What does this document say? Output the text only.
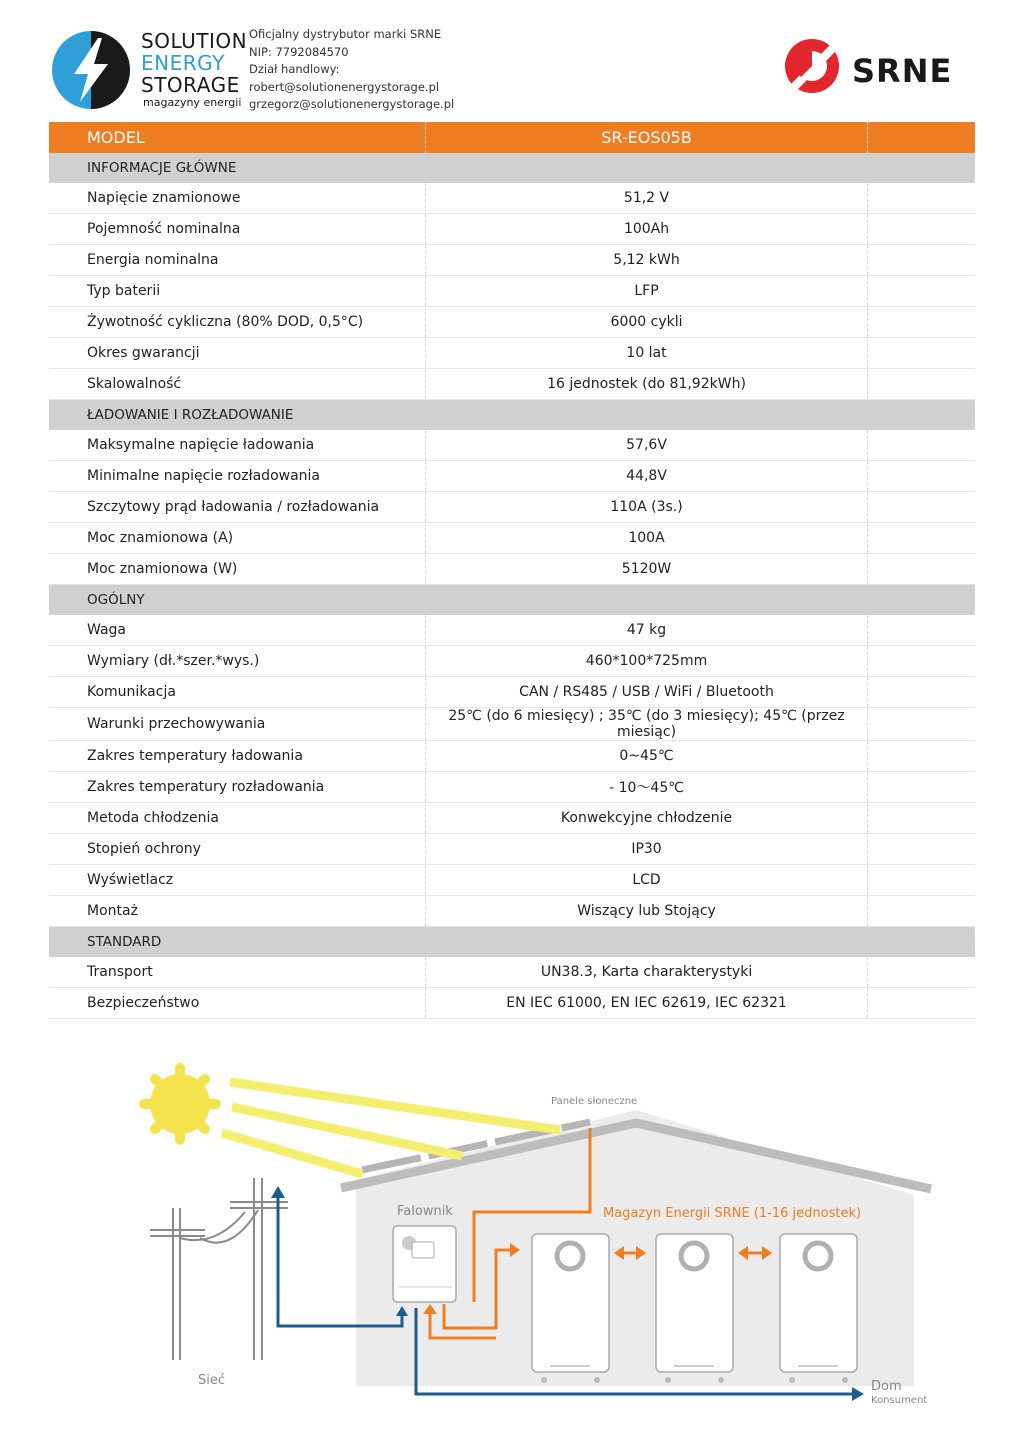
SOLUTION
ENERGY
STORAGE
magazyny energii
Oficjalny dystrybutor marki SRNE
NIP: 7792084570
Dział handlowy:
robert@solutionenergystorage.pl
grzegorz@solutionenergystorage.pl
SRNE
MODEL	SR-EOS05B	
INFORMACJE GŁÓWNE		
Napięcie znamionowe	51,2 V	
Pojemność nominalna	100Ah	
Energia nominalna	5,12 kWh	
Typ baterii	LFP	
Żywotność cykliczna (80% DOD, 0,5°C)	6000 cykli	
Okres gwarancji	10 lat	
Skalowalność	16 jednostek (do 81,92kWh)	
ŁADOWANIE I ROZŁADOWANIE		
Maksymalne napięcie ładowania	57,6V	
Minimalne napięcie rozładowania	44,8V	
Szczytowy prąd ładowania / rozładowania	110A (3s.)	
Moc znamionowa (A)	100A	
Moc znamionowa (W)	5120W	
OGÓLNY		
Waga	47 kg	
Wymiary (dł.*szer.*wys.)	460*100*725mm	
Komunikacja	CAN / RS485 / USB / WiFi / Bluetooth	
Warunki przechowywania	25℃ (do 6 miesięcy) ; 35℃ (do 3 miesięcy); 45℃ (przez miesiąc)	
Zakres temperatury ładowania	0~45℃	
Zakres temperatury rozładowania	- 10～45℃	
Metoda chłodzenia	Konwekcyjne chłodzenie	
Stopień ochrony	IP30	
Wyświetlacz	LCD	
Montaż	Wiszący lub Stojący	
STANDARD		
Transport	UN38.3, Karta charakterystyki	
Bezpieczeństwo	EN IEC 61000, EN IEC 62619, IEC 62321	
Panele słoneczne
Falownik	Magazyn Energii SRNE (1-16 jednostek)
Sieć	Dom
Konsument
